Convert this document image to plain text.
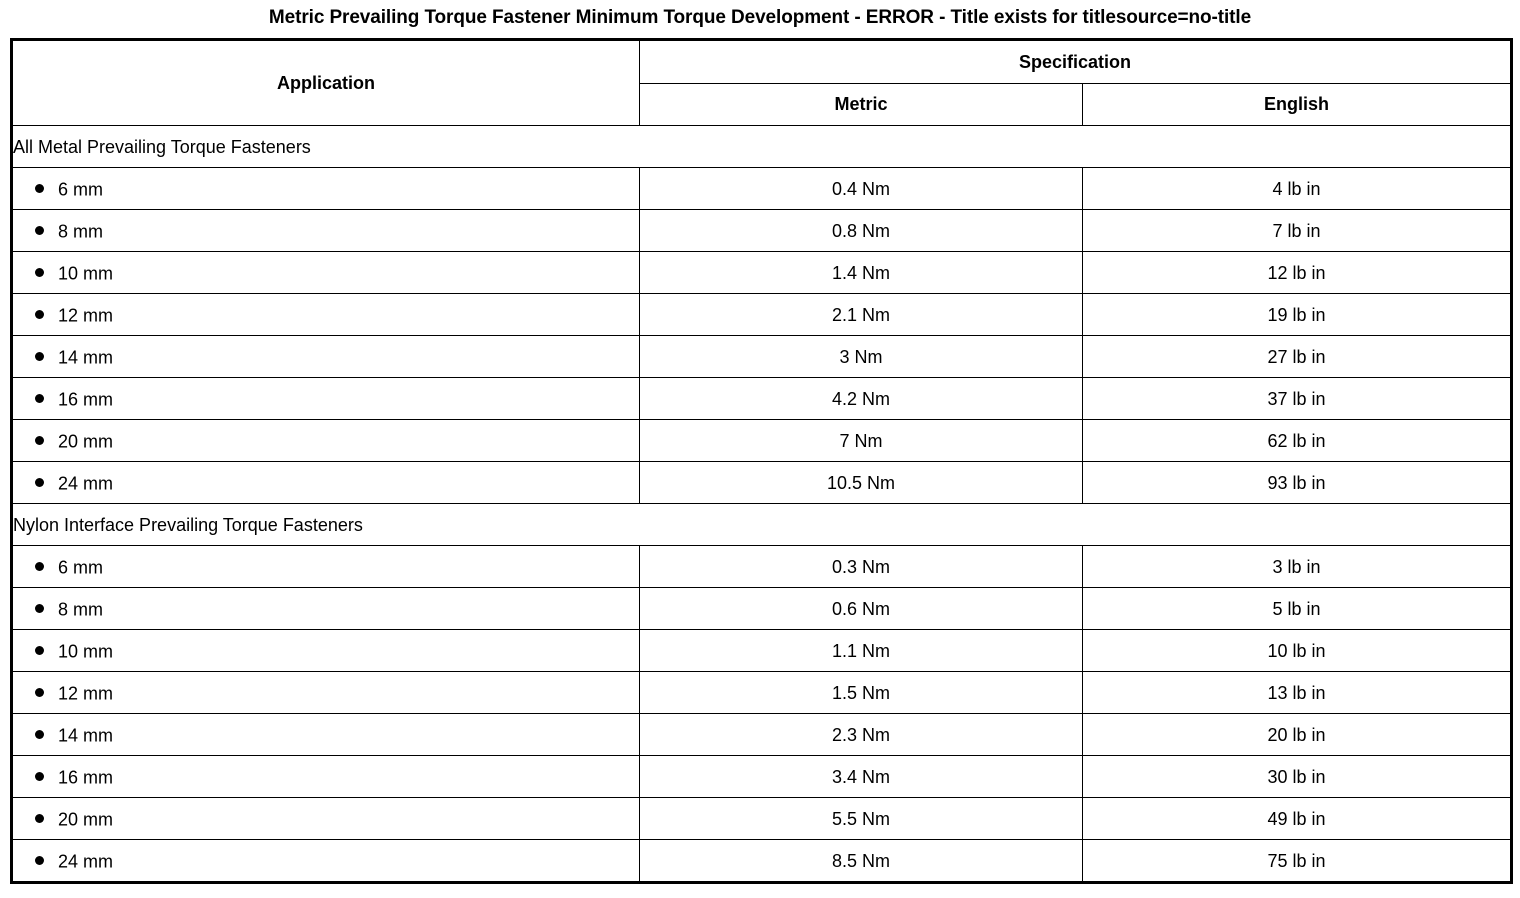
Metric Prevailing Torque Fastener Minimum Torque Development - ERROR - Title exists for titlesource=no-title
Application	Specification	
	Metric	English
All Metal Prevailing Torque Fasteners		
6 mm	0.4 Nm	4 lb in
8 mm	0.8 Nm	7 lb in
10 mm	1.4 Nm	12 lb in
12 mm	2.1 Nm	19 lb in
14 mm	3 Nm	27 lb in
16 mm	4.2 Nm	37 lb in
20 mm	7 Nm	62 lb in
24 mm	10.5 Nm	93 lb in
Nylon Interface Prevailing Torque Fasteners		
6 mm	0.3 Nm	3 lb in
8 mm	0.6 Nm	5 lb in
10 mm	1.1 Nm	10 lb in
12 mm	1.5 Nm	13 lb in
14 mm	2.3 Nm	20 lb in
16 mm	3.4 Nm	30 lb in
20 mm	5.5 Nm	49 lb in
24 mm	8.5 Nm	75 lb in
